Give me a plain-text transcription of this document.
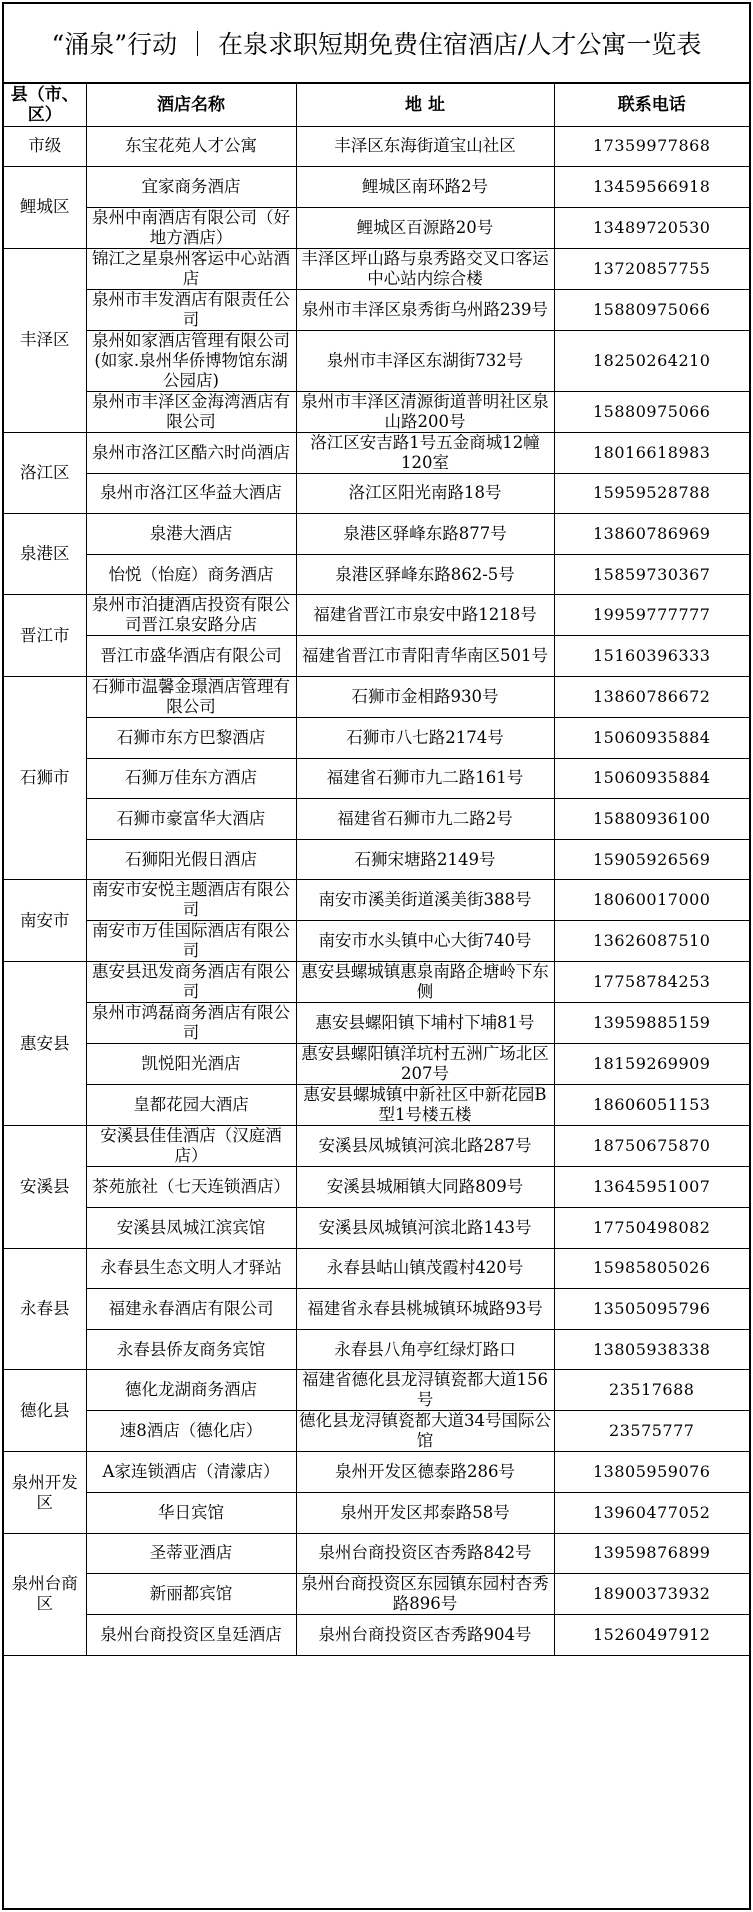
“涌泉”行动 ｜ 在泉求职短期免费住宿酒店/人才公寓一览表
县（市、区）	酒店名称	地 址	联系电话
市级	东宝花苑人才公寓	丰泽区东海街道宝山社区	17359977868
鲤城区	宜家商务酒店	鲤城区南环路2号	13459566918
	泉州中南酒店有限公司（好地方酒店）	鲤城区百源路20号	13489720530
丰泽区	锦江之星泉州客运中心站酒店	丰泽区坪山路与泉秀路交叉口客运中心站内综合楼	13720857755
	泉州市丰发酒店有限责任公司	泉州市丰泽区泉秀街乌州路239号	15880975066
	泉州如家酒店管理有限公司(如家.泉州华侨博物馆东湖公园店)	泉州市丰泽区东湖街732号	18250264210
	泉州市丰泽区金海湾酒店有限公司	泉州市丰泽区清源街道普明社区泉山路200号	15880975066
洛江区	泉州市洛江区酷六时尚酒店	洛江区安吉路1号五金商城12幢120室	18016618983
	泉州市洛江区华益大酒店	洛江区阳光南路18号	15959528788
泉港区	泉港大酒店	泉港区驿峰东路877号	13860786969
	怡悦（怡庭）商务酒店	泉港区驿峰东路862-5号	15859730367
晋江市	泉州市泊捷酒店投资有限公司晋江泉安路分店	福建省晋江市泉安中路1218号	19959777777
	晋江市盛华酒店有限公司	福建省晋江市青阳青华南区501号	15160396333
石狮市	石狮市温馨金璟酒店管理有限公司	石狮市金相路930号	13860786672
	石狮市东方巴黎酒店	石狮市八七路2174号	15060935884
	石狮万佳东方酒店	福建省石狮市九二路161号	15060935884
	石狮市豪富华大酒店	福建省石狮市九二路2号	15880936100
	石狮阳光假日酒店	石狮宋塘路2149号	15905926569
南安市	南安市安悦主题酒店有限公司	南安市溪美街道溪美街388号	18060017000
	南安市万佳国际酒店有限公司	南安市水头镇中心大街740号	13626087510
惠安县	惠安县迅发商务酒店有限公司	惠安县螺城镇惠泉南路企塘岭下东侧	17758784253
	泉州市鸿磊商务酒店有限公司	惠安县螺阳镇下埔村下埔81号	13959885159
	凯悦阳光酒店	惠安县螺阳镇洋坑村五洲广场北区207号	18159269909
	皇都花园大酒店	惠安县螺城镇中新社区中新花园B型1号楼五楼	18606051153
安溪县	安溪县佳佳酒店（汉庭酒店）	安溪县凤城镇河滨北路287号	18750675870
	茶苑旅社（七天连锁酒店）	安溪县城厢镇大同路809号	13645951007
	安溪县凤城江滨宾馆	安溪县凤城镇河滨北路143号	17750498082
永春县	永春县生态文明人才驿站	永春县岵山镇茂霞村420号	15985805026
	福建永春酒店有限公司	福建省永春县桃城镇环城路93号	13505095796
	永春县侨友商务宾馆	永春县八角亭红绿灯路口	13805938338
德化县	德化龙湖商务酒店	福建省德化县龙浔镇瓷都大道156号	23517688
	速8酒店（德化店）	德化县龙浔镇瓷都大道34号国际公馆	23575777
泉州开发区	A家连锁酒店（清濛店）	泉州开发区德泰路286号	13805959076
	华日宾馆	泉州开发区邦泰路58号	13960477052
泉州台商区	圣蒂亚酒店	泉州台商投资区杏秀路842号	13959876899
	新丽都宾馆	泉州台商投资区东园镇东园村杏秀路896号	18900373932
	泉州台商投资区皇廷酒店	泉州台商投资区杏秀路904号	15260497912
